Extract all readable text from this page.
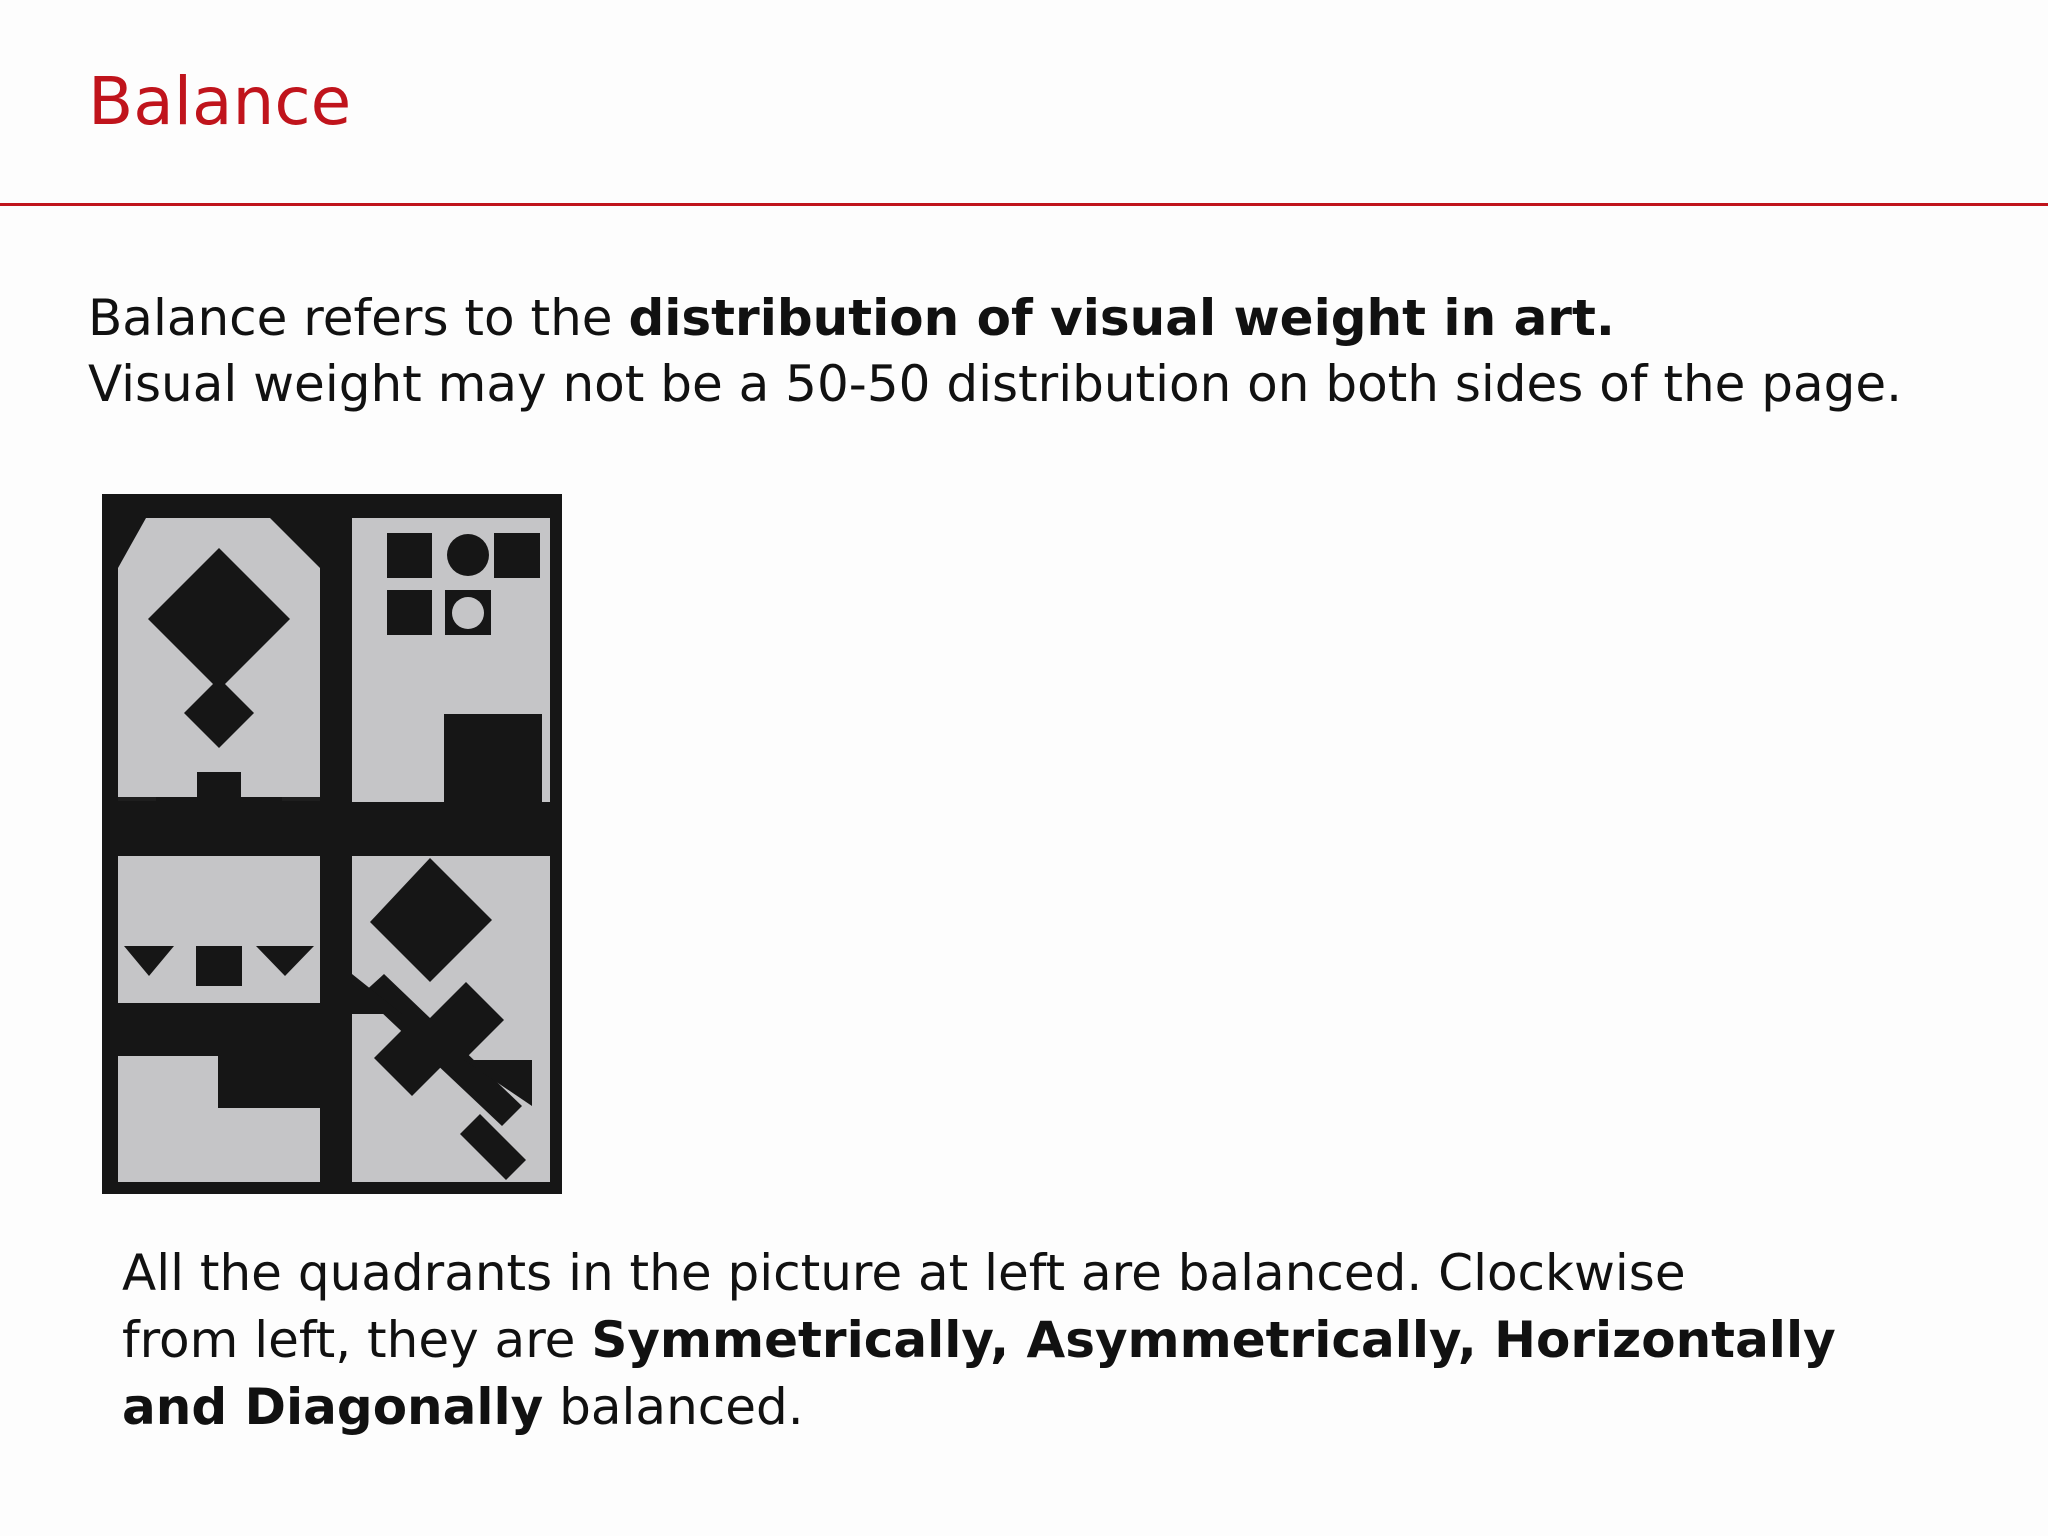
Balance

Balance refers to the distribution of visual weight in art.

Visual weight may not be a 50-50 distribution on both sides of the page.

All the quadrants in the picture at left are balanced. Clockwise
from left, they are Symmetrically, Asymmetrically, Horizontally
and Diagonally balanced.
